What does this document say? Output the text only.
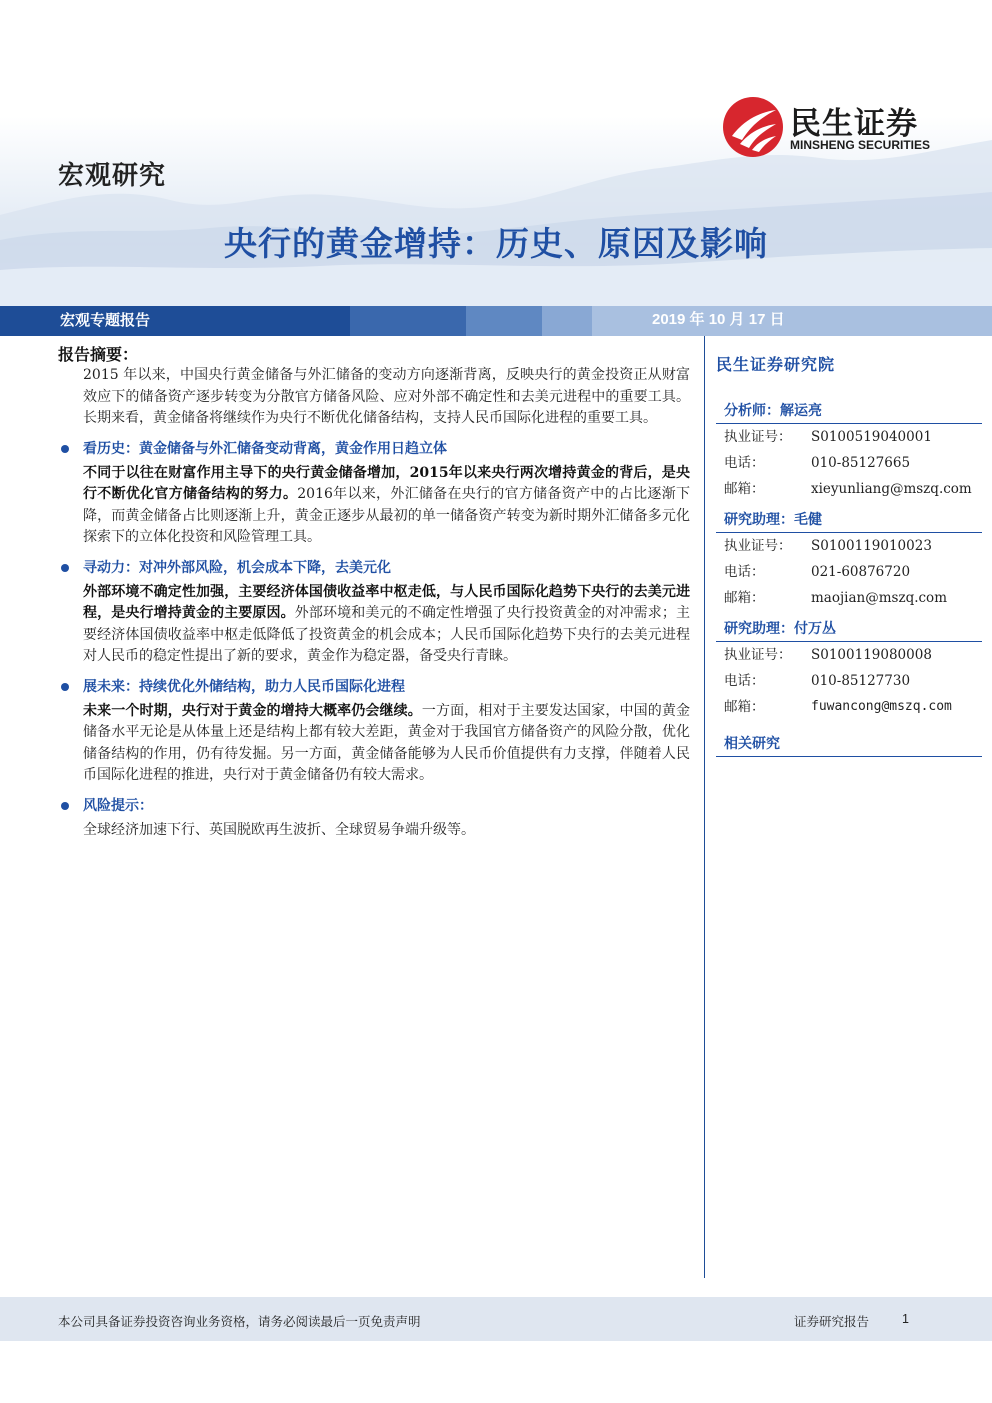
宏观研究
民生证券
MINSHENG SECURITIES
央行的黄金增持：历史、原因及影响
宏观专题报告	2019 年 10 月 17 日
报告摘要：
2015 年以来，中国央行黄金储备与外汇储备的变动方向逐渐背离，反映央行的黄金投资正从财富效应下的储备资产逐步转变为分散官方储备风险、应对外部不确定性和去美元进程中的重要工具。长期来看，黄金储备将继续作为央行不断优化储备结构，支持人民币国际化进程的重要工具。
看历史：黄金储备与外汇储备变动背离，黄金作用日趋立体
不同于以往在财富作用主导下的央行黄金储备增加，2015年以来央行两次增持黄金的背后，是央行不断优化官方储备结构的努力。2016年以来，外汇储备在央行的官方储备资产中的占比逐渐下降，而黄金储备占比则逐渐上升，黄金正逐步从最初的单一储备资产转变为新时期外汇储备多元化探索下的立体化投资和风险管理工具。
寻动力：对冲外部风险，机会成本下降，去美元化
外部环境不确定性加强，主要经济体国债收益率中枢走低，与人民币国际化趋势下央行的去美元进程，是央行增持黄金的主要原因。外部环境和美元的不确定性增强了央行投资黄金的对冲需求；主要经济体国债收益率中枢走低降低了投资黄金的机会成本；人民币国际化趋势下央行的去美元进程对人民币的稳定性提出了新的要求，黄金作为稳定器，备受央行青睐。
展未来：持续优化外储结构，助力人民币国际化进程
未来一个时期，央行对于黄金的增持大概率仍会继续。一方面，相对于主要发达国家，中国的黄金储备水平无论是从体量上还是结构上都有较大差距，黄金对于我国官方储备资产的风险分散，优化储备结构的作用，仍有待发掘。另一方面，黄金储备能够为人民币价值提供有力支撑，伴随着人民币国际化进程的推进，央行对于黄金储备仍有较大需求。
风险提示：
全球经济加速下行、英国脱欧再生波折、全球贸易争端升级等。
民生证券研究院
分析师：解运亮
执业证号：	S0100519040001
电话：	010-85127665
邮箱：	xieyunliang@mszq.com
研究助理：毛健
执业证号：	S0100119010023
电话：	021-60876720
邮箱：	maojian@mszq.com
研究助理：付万丛
执业证号：	S0100119080008
电话：	010-85127730
邮箱：	fuwancong@mszq.com
相关研究
本公司具备证券投资咨询业务资格，请务必阅读最后一页免责声明	证券研究报告	1
